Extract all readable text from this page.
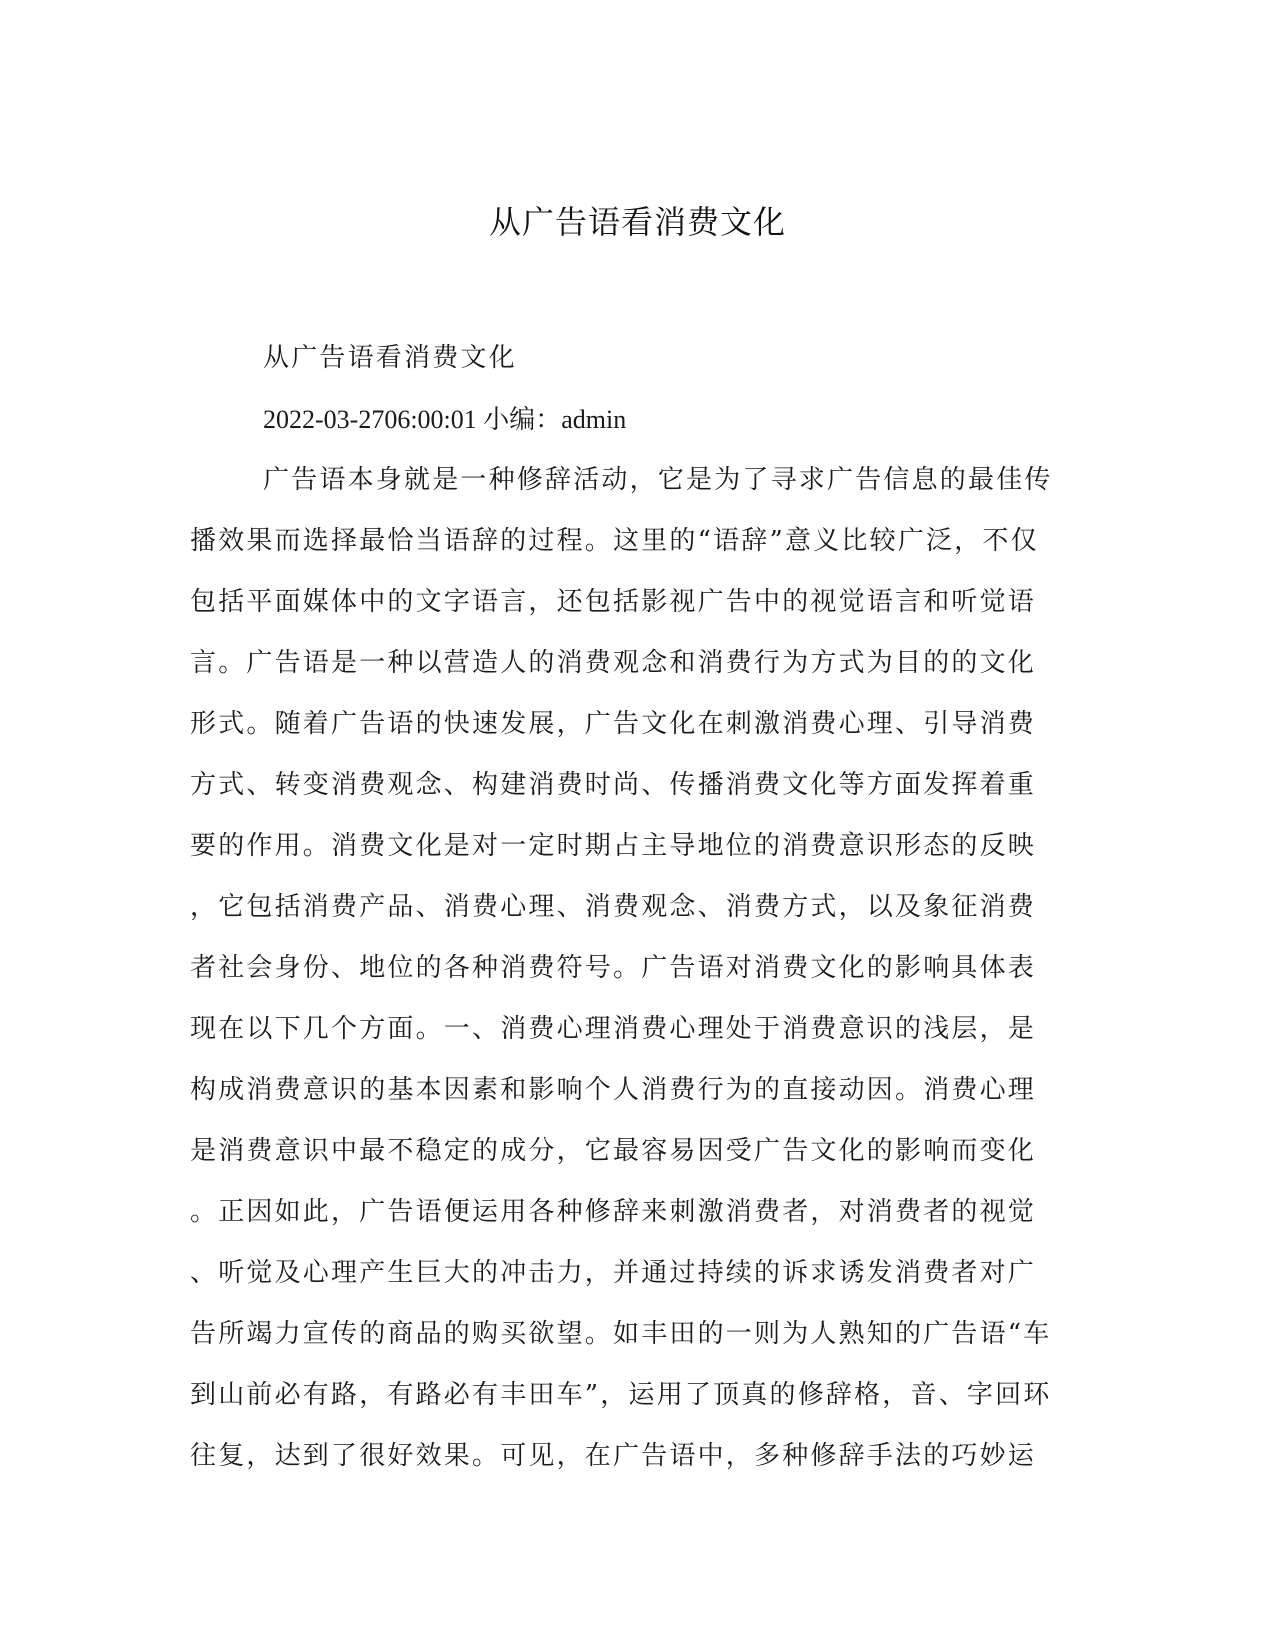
从广告语看消费文化
从广告语看消费文化
2022-03-2706:00:01 小编：admin
广告语本身就是一种修辞活动，它是为了寻求广告信息的最佳传
播效果而选择最恰当语辞的过程。这里的“语辞”意义比较广泛，不仅
包括平面媒体中的文字语言，还包括影视广告中的视觉语言和听觉语
言。广告语是一种以营造人的消费观念和消费行为方式为目的的文化
形式。随着广告语的快速发展，广告文化在刺激消费心理、引导消费
方式、转变消费观念、构建消费时尚、传播消费文化等方面发挥着重
要的作用。消费文化是对一定时期占主导地位的消费意识形态的反映
，它包括消费产品、消费心理、消费观念、消费方式，以及象征消费
者社会身份、地位的各种消费符号。广告语对消费文化的影响具体表
现在以下几个方面。一、消费心理消费心理处于消费意识的浅层，是
构成消费意识的基本因素和影响个人消费行为的直接动因。消费心理
是消费意识中最不稳定的成分，它最容易因受广告文化的影响而变化
。正因如此，广告语便运用各种修辞来刺激消费者，对消费者的视觉
、听觉及心理产生巨大的冲击力，并通过持续的诉求诱发消费者对广
告所竭力宣传的商品的购买欲望。如丰田的一则为人熟知的广告语“车
到山前必有路，有路必有丰田车”，运用了顶真的修辞格，音、字回环
往复，达到了很好效果。可见，在广告语中，多种修辞手法的巧妙运
